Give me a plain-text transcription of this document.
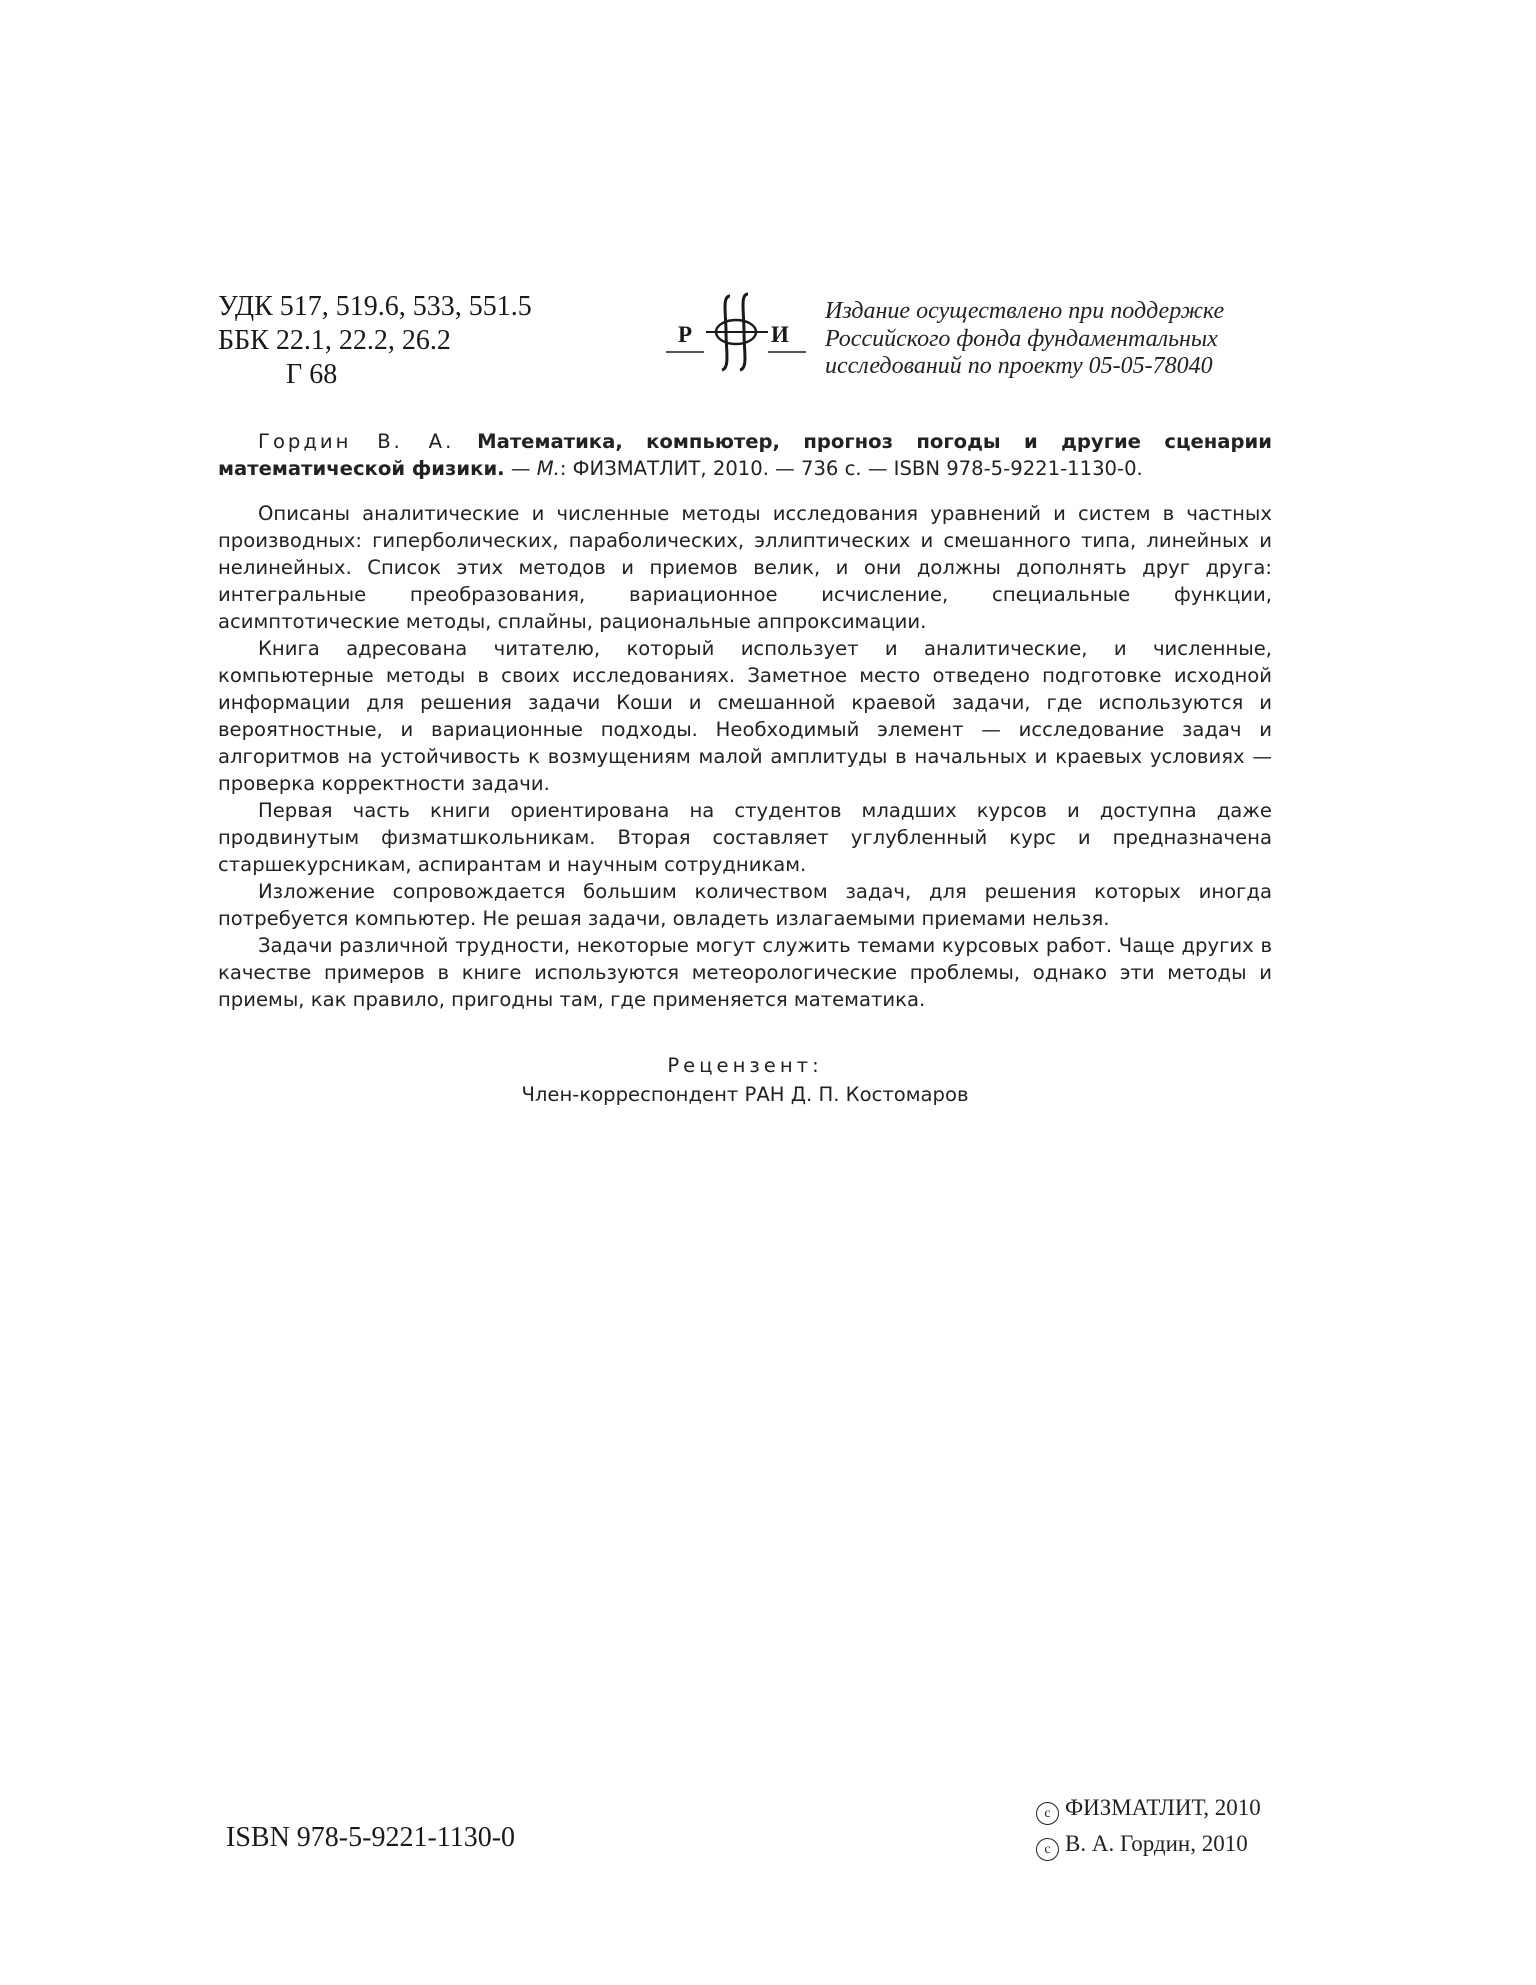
УДК 517, 519.6, 533, 551.5
ББК 22.1, 22.2, 26.2
Г 68
Р	И
Издание осуществлено при поддержке
Российского фонда фундаментальных
исследований по проекту 05-05-78040

Гордин В. А. Математика, компьютер, прогноз погоды и другие сценарии математической физики. — М.: ФИЗМАТЛИТ, 2010. — 736 с. — ISBN 978-5-9221-1130-0.

Описаны аналитические и численные методы исследования уравнений и систем в частных производных: гиперболических, параболических, эллиптических и смешанного типа, линейных и нелинейных. Список этих методов и приемов велик, и они должны дополнять друг друга: интегральные преобразования, вариационное исчисление, специальные функции, асимптотические методы, сплайны, рациональные аппроксимации.

Книга адресована читателю, который использует и аналитические, и численные, компьютерные методы в своих исследованиях. Заметное место отведено подготовке исходной информации для решения задачи Коши и смешанной краевой задачи, где используются и вероятностные, и вариационные подходы. Необходимый элемент — исследование задач и алгоритмов на устойчивость к возмущениям малой амплитуды в начальных и краевых условиях — проверка корректности задачи.

Первая часть книги ориентирована на студентов младших курсов и доступна даже продвинутым физматшкольникам. Вторая составляет углубленный курс и предназначена старшекурсникам, аспирантам и научным сотрудникам.

Изложение сопровождается большим количеством задач, для решения которых иногда потребуется компьютер. Не решая задачи, овладеть излагаемыми приемами нельзя.

Задачи различной трудности, некоторые могут служить темами курсовых работ. Чаще других в качестве примеров в книге используются метеорологические проблемы, однако эти методы и приемы, как правило, пригодны там, где применяется математика.

Рецензент:
Член-корреспондент РАН Д. П. Костомаров
ISBN 978-5-9221-1130-0
c ФИЗМАТЛИТ, 2010
c В. А. Гордин, 2010
